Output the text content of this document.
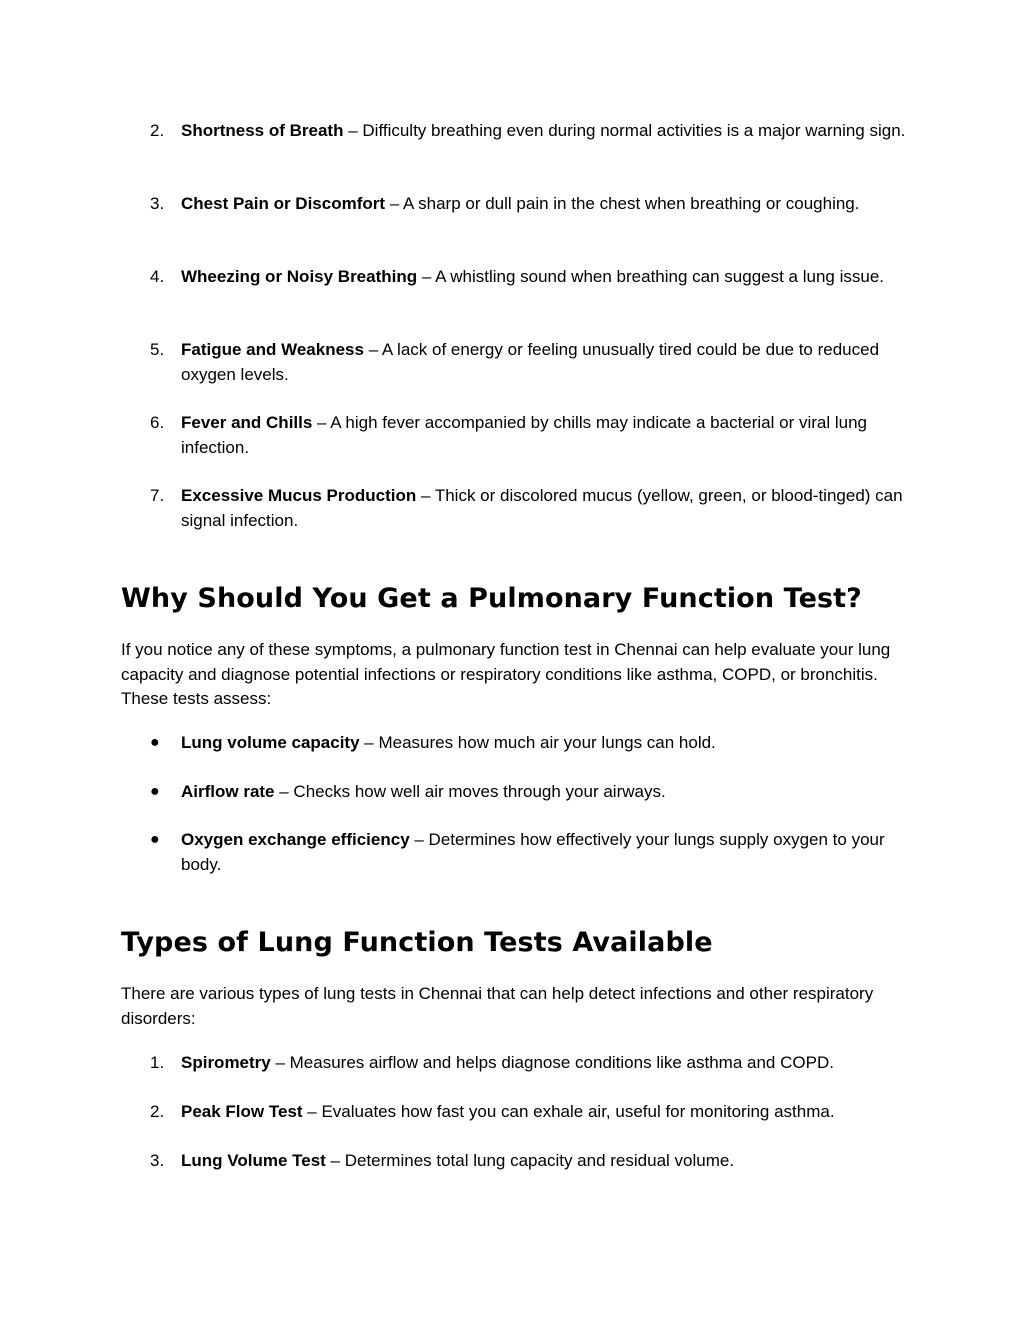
2. Shortness of Breath – Difficulty breathing even during normal activities is a major warning sign.
3. Chest Pain or Discomfort – A sharp or dull pain in the chest when breathing or coughing.
4. Wheezing or Noisy Breathing – A whistling sound when breathing can suggest a lung issue.
5. Fatigue and Weakness – A lack of energy or feeling unusually tired could be due to reduced oxygen levels.
6. Fever and Chills – A high fever accompanied by chills may indicate a bacterial or viral lung infection.
7. Excessive Mucus Production – Thick or discolored mucus (yellow, green, or blood-tinged) can signal infection.
Why Should You Get a Pulmonary Function Test?

If you notice any of these symptoms, a pulmonary function test in Chennai can help evaluate your lung capacity and diagnose potential infections or respiratory conditions like asthma, COPD, or bronchitis. These tests assess:

● Lung volume capacity – Measures how much air your lungs can hold.
● Airflow rate – Checks how well air moves through your airways.
● Oxygen exchange efficiency – Determines how effectively your lungs supply oxygen to your body.
Types of Lung Function Tests Available

There are various types of lung tests in Chennai that can help detect infections and other respiratory disorders:

1. Spirometry – Measures airflow and helps diagnose conditions like asthma and COPD.
2. Peak Flow Test – Evaluates how fast you can exhale air, useful for monitoring asthma.
3. Lung Volume Test – Determines total lung capacity and residual volume.
